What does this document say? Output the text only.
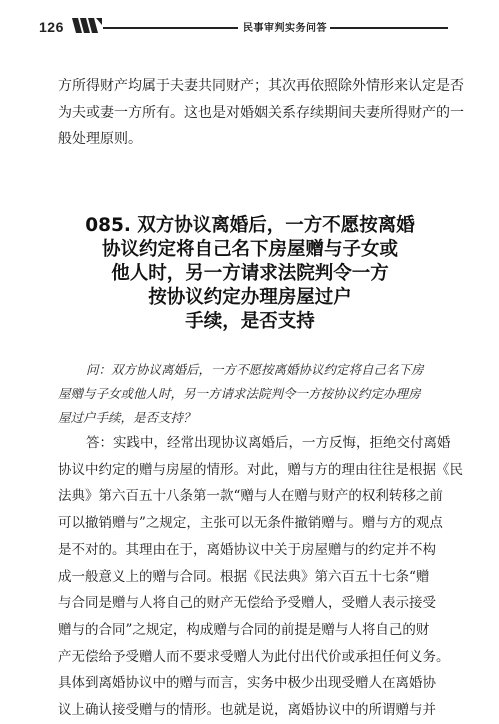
126	民事审判实务问答
方所得财产均属于夫妻共同财产；其次再依照除外情形来认定是否
为夫或妻一方所有。这也是对婚姻关系存续期间夫妻所得财产的一
般处理原则。
085. 双方协议离婚后，一方不愿按离婚
协议约定将自己名下房屋赠与子女或
他人时，另一方请求法院判令一方
按协议约定办理房屋过户
手续，是否支持
问：双方协议离婚后，一方不愿按离婚协议约定将自己名下房
屋赠与子女或他人时，另一方请求法院判令一方按协议约定办理房
屋过户手续，是否支持？
答：实践中，经常出现协议离婚后，一方反悔，拒绝交付离婚
协议中约定的赠与房屋的情形。对此，赠与方的理由往往是根据《民
法典》第六百五十八条第一款“赠与人在赠与财产的权利转移之前
可以撤销赠与”之规定，主张可以无条件撤销赠与。赠与方的观点
是不对的。其理由在于，离婚协议中关于房屋赠与的约定并不构
成一般意义上的赠与合同。根据《民法典》第六百五十七条“赠
与合同是赠与人将自己的财产无偿给予受赠人，受赠人表示接受
赠与的合同”之规定，构成赠与合同的前提是赠与人将自己的财
产无偿给予受赠人而不要求受赠人为此付出代价或承担任何义务。
具体到离婚协议中的赠与而言，实务中极少出现受赠人在离婚协
议上确认接受赠与的情形。也就是说，离婚协议中的所谓赠与并
